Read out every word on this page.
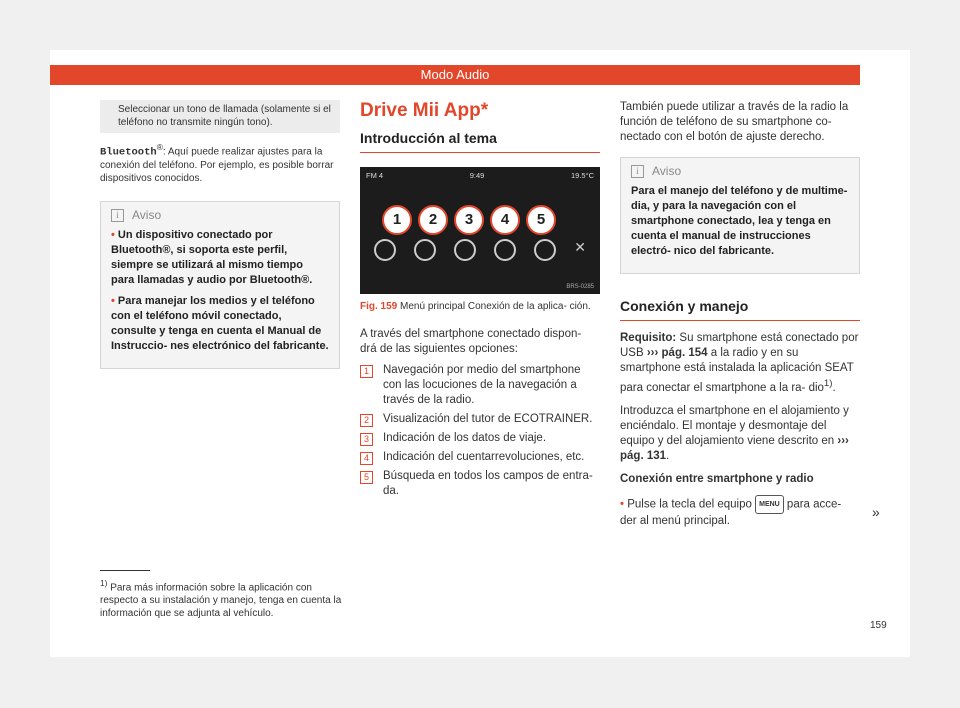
Modo Audio
Seleccionar un tono de llamada (solamente si el teléfono no transmite ningún tono).
Bluetooth®: Aquí puede realizar ajustes para la conexión del teléfono. Por ejemplo, es posible borrar dispositivos conocidos.
i	Aviso

• Un dispositivo conectado por Bluetooth®, si soporta este perfil, siempre se utilizará al mismo tiempo para llamadas y audio por Bluetooth®.

• Para manejar los medios y el teléfono con el teléfono móvil conectado, consulte y tenga en cuenta el Manual de Instruccio- nes electrónico del fabricante.

Drive Mii App*
Introducción al tema
FM 4	9:49	19.5°C
1	2	3	4	5
✕
BRS-0285
Fig. 159 Menú principal Conexión de la aplica- ción.
A través del smartphone conectado dispon- drá de las siguientes opciones:
1	Navegación por medio del smartphone con las locuciones de la navegación a través de la radio.
2	Visualización del tutor de ECOTRAINER.
3	Indicación de los datos de viaje.
4	Indicación del cuentarrevoluciones, etc.
5	Búsqueda en todos los campos de entra- da.
También puede utilizar a través de la radio la función de teléfono de su smartphone co- nectado con el botón de ajuste derecho.
i	Aviso

Para el manejo del teléfono y de multime- dia, y para la navegación con el smartphone conectado, lea y tenga en cuenta el manual de instrucciones electró- nico del fabricante.

Conexión y manejo
Requisito: Su smartphone está conectado por USB ››› pág. 154 a la radio y en su smartphone está instalada la aplicación SEAT para conectar el smartphone a la ra- dio$^{1)}$.
Introduzca el smartphone en el alojamiento y enciéndalo. El montaje y desmontaje del equipo y del alojamiento viene descrito en ››› pág. 131.
Conexión entre smartphone y radio
• Pulse la tecla del equipo MENU para acce- der al menú principal.
»
$^{1)}$ Para más información sobre la aplicación con respecto a su instalación y manejo, tenga en cuenta la información que se adjunta al vehículo.
159
